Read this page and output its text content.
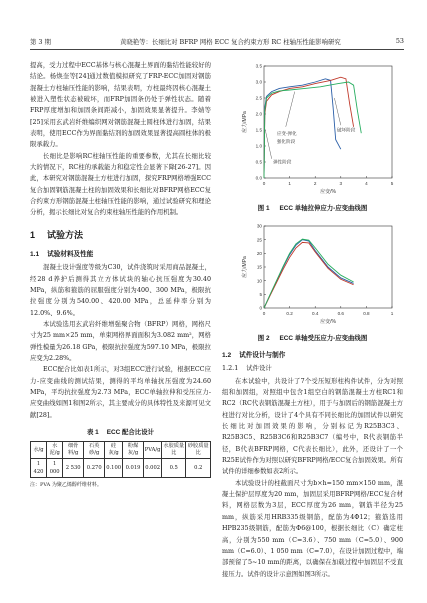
第 3 期	黄晓艳等：长细比对 BFRP 网格 ECC 复合约束方形 RC 柱轴压性能影响研究	53

提高，受力过程中ECC基体与核心混凝土界面的黏结性能较好的结论。杨焕奎等[24]通过数值模拟研究了FRP-ECC加固对钢筋混凝土方柱轴压性能的影响，结果表明，方柱最终因核心混凝土被进入塑性状态被破坏，而FRP加固条仍处于弹性状态。随着FRP厚度增加和加固条间距减小，加固效果显著提升。李婧等[25]采用玄武岩纤维编织网对钢筋混凝土圆柱体进行加固，结果表明，使用ECC作为界面黏结剂的加固效果显著提高圆柱体的极限承载力。

长细比是影响RC柱轴压性能的重要参数，尤其在长细比较大的情况下，RC柱的承载能力和稳定性会显著下降[26-27]。因此，本研究对钢筋混凝土方柱进行加固，探究FRP网格增强ECC复合加固钢筋混凝土柱的加固效果和长细比对BFRP网格ECC复合约束方形钢筋混凝土柱轴压性能的影响，通过试验研究和理论分析，揭示长细比对复合约束柱轴压性能的作用机制。

1 试验方法
1.1 试验材料及性能

混凝土设计强度等级为C30，试件浇筑时采用商品混凝土，经28 d养护后测得其立方体试块的轴心抗压强度为30.40 MPa，纵筋和箍筋的屈服强度分别为400、300 MPa，极限抗拉强度分别为540.00、420.00 MPa，总延伸率分别为12.0%、9.6%。

本试验选用玄武岩纤维增强聚合物（BFRP）网格，网格尺寸为25 mm×25 mm，单束网格界面面积为3.082 mm²，网格弹性模量为26.18 GPa，极限抗拉强度为597.10 MPa，极限拉应变为2.28%。

ECC配合比如表1所示，对3组ECC进行试验，根据ECC应力-应变曲线的测试结果，测得的平均单轴抗压强度为24.60 MPa，平均抗拉强度为2.73 MPa，ECC单轴拉伸和受压应力-应变曲线如图1和图2所示，其主要成分的具体特性及来源可见文献[28]。

表 1 ECC 配合比设计
水/g	水泥/g	细骨料/g	石英砂/g	硅灰/g	粉煤灰/g	PVA/g	水胶质量比	砂胶质量比
1 420	1 000	2 530	0.270	0.100	0.019	0.002	0.5	0.2
注：PVA 为聚乙烯醇纤维材料。
0	1	2	3	4	5
0.0
0.5
1.0
1.5
2.0
2.5
3.0
3.5
应变/%
应力/MPa
应变-弹化
强化阶段
破坏阶段
弹性阶段
图 1 ECC 单轴拉伸应力-应变曲线图
0	0.2	0.4	0.6	0.8	1
0
5
10
15
20
25
30
应变/%
应力/MPa
图 2 ECC 单轴受压应力-应变曲线图
1.2 试件设计与制作
1.2.1 试件设计

在本试验中，共设计了7个受压短形柱构件试件，分为对照组和加固组，对照组中包含1组空白的钢筋混凝土方柱RC1和RC2（RC代表钢筋混凝土方柱），用于与加固后的钢筋混凝土方柱进行对比分析，设计了4个具有不同长细比的加固试件以研究长细比对加固效果的影响，分别标记为R25B3C3、R25B3C5、R25B3C6和R25B3C7（编号中，R代表钢筋半径，B代表BFRP网格，C代表长细比），此外，还设计了一个R25E试件作为对照以研究BFRP网格/ECC复合加固效果。所有试件的详细参数如表2所示。

本试验设计的柱截面尺寸为b×h=150 mm×150 mm，混凝土保护层厚度为20 mm，加固层采用BFRP网格/ECC复合材料，网格层数为3层，ECC厚度为26 mm，钢筋半径为25 mm，纵筋采用HRB335级钢筋，配筋为4Φ12；箍筋选用HPB235级钢筋，配筋为Φ6@100，根据长细比（C）确定柱高，分别为550 mm（C=3.6）、750 mm（C=5.0）、900 mm（C=6.0）、1 050 mm（C=7.0），在设计加固过程中，端部预留了5~10 mm的距离，以确保在加载过程中加固层不受直接压力。试件的设计示意图如图3所示。
